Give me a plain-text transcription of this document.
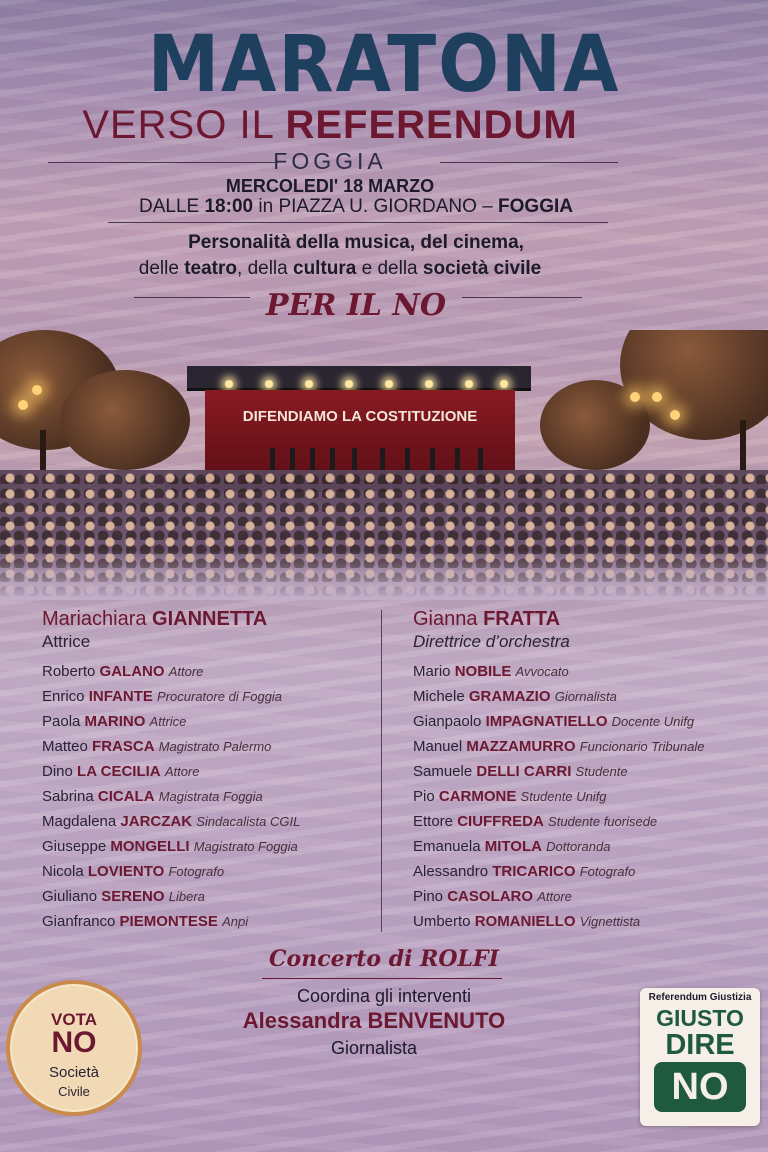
MARATONA
VERSO IL REFERENDUM
FOGGIA
MERCOLEDI' 18 MARZO
DALLE 18:00 in PIAZZA U. GIORDANO – FOGGIA
Personalità della musica, del cinema,
delle teatro, della cultura e della società civile
PER IL NO
DIFENDIAMO LA COSTITUZIONE
Mariachiara GIANNETTA
Attrice
Roberto GALANO Attore
Enrico INFANTE Procuratore di Foggia
Paola MARINO Attrice
Matteo FRASCA Magistrato Palermo
Dino LA CECILIA Attore
Sabrina CICALA Magistrata Foggia
Magdalena JARCZAK Sindacalista CGIL
Giuseppe MONGELLI Magistrato Foggia
Nicola LOVIENTO Fotografo
Giuliano SERENO Libera
Gianfranco PIEMONTESE Anpi
Gianna FRATTA
Direttrice d’orchestra
Mario NOBILE Avvocato
Michele GRAMAZIO Giornalista
Gianpaolo IMPAGNATIELLO Docente Unifg
Manuel MAZZAMURRO Funcionario Tribunale
Samuele DELLI CARRI Studente
Pio CARMONE Studente Unifg
Ettore CIUFFREDA Studente fuorisede
Emanuela MITOLA Dottoranda
Alessandro TRICARICO Fotografo
Pino CASOLARO Attore
Umberto ROMANIELLO Vignettista
Concerto di ROLFI
Coordina gli interventi
Alessandra BENVENUTO
Giornalista
VOTA
NO
Società
Civile
Referendum Giustizia
GIUSTO
DIRE
NO
